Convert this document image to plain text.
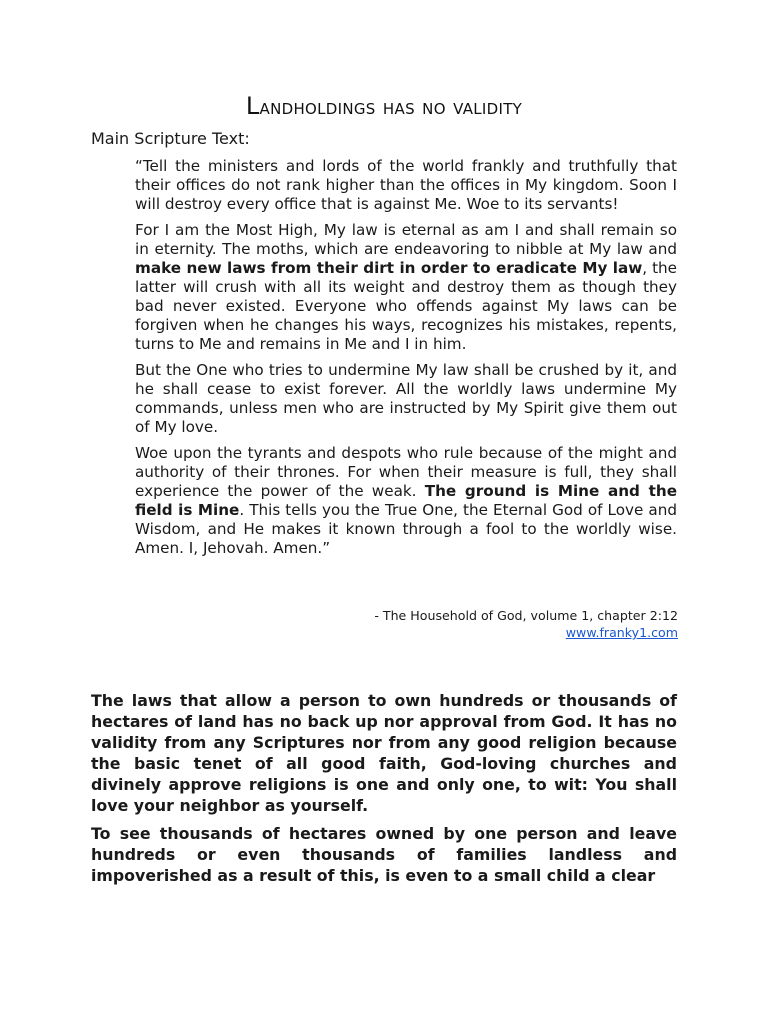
Landholdings has no validity
Main Scripture Text:

“Tell the ministers and lords of the world frankly and truthfully that their offices do not rank higher than the offices in My kingdom. Soon I will destroy every office that is against Me. Woe to its servants!

For I am the Most High, My law is eternal as am I and shall remain so in eternity. The moths, which are endeavoring to nibble at My law and make new laws from their dirt in order to eradicate My law, the latter will crush with all its weight and destroy them as though they bad never existed. Everyone who offends against My laws can be forgiven when he changes his ways, recognizes his mistakes, repents, turns to Me and remains in Me and I in him.

But the One who tries to undermine My law shall be crushed by it, and he shall cease to exist forever. All the worldly laws undermine My commands, unless men who are instructed by My Spirit give them out of My love.

Woe upon the tyrants and despots who rule because of the might and authority of their thrones. For when their measure is full, they shall experience the power of the weak. The ground is Mine and the field is Mine. This tells you the True One, the Eternal God of Love and Wisdom, and He makes it known through a fool to the worldly wise. Amen. I, Jehovah. Amen.”

- The Household of God, volume 1, chapter 2:12
www.franky1.com

The laws that allow a person to own hundreds or thousands of hectares of land has no back up nor approval from God. It has no validity from any Scriptures nor from any good religion because the basic tenet of all good faith, God-loving churches and divinely approve religions is one and only one, to wit: You shall love your neighbor as yourself.

To see thousands of hectares owned by one person and leave hundreds or even thousands of families landless and impoverished as a result of this, is even to a small child a clear
